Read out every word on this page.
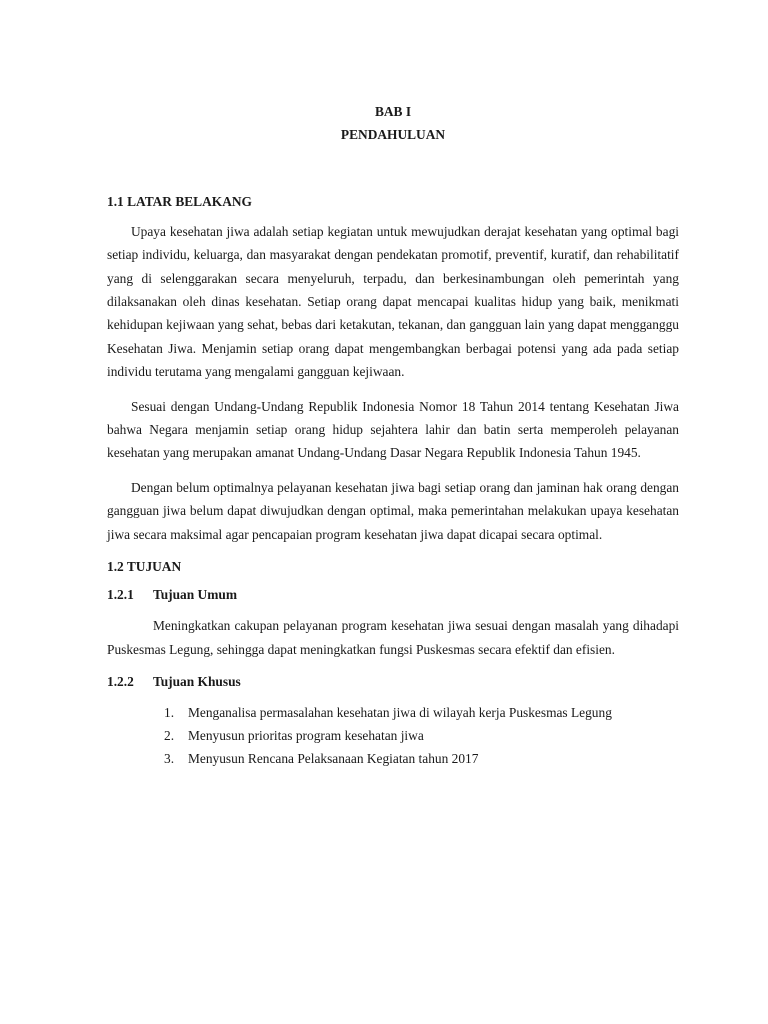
BAB I

PENDAHULUAN

1.1 LATAR BELAKANG

Upaya kesehatan jiwa adalah setiap kegiatan untuk mewujudkan derajat kesehatan yang optimal bagi setiap individu, keluarga, dan masyarakat dengan pendekatan promotif, preventif, kuratif, dan rehabilitatif yang di selenggarakan secara menyeluruh, terpadu, dan berkesinambungan oleh pemerintah yang dilaksanakan oleh dinas kesehatan. Setiap orang dapat mencapai kualitas hidup yang baik, menikmati kehidupan kejiwaan yang sehat, bebas dari ketakutan, tekanan, dan gangguan lain yang dapat mengganggu Kesehatan Jiwa. Menjamin setiap orang dapat mengembangkan berbagai potensi yang ada pada setiap individu terutama yang mengalami gangguan kejiwaan.

Sesuai dengan Undang-Undang Republik Indonesia Nomor 18 Tahun 2014 tentang Kesehatan Jiwa bahwa Negara menjamin setiap orang hidup sejahtera lahir dan batin serta memperoleh pelayanan kesehatan yang merupakan amanat Undang-Undang Dasar Negara Republik Indonesia Tahun 1945.

Dengan belum optimalnya pelayanan kesehatan jiwa bagi setiap orang dan jaminan hak orang dengan gangguan jiwa belum dapat diwujudkan dengan optimal, maka pemerintahan melakukan upaya kesehatan jiwa secara maksimal agar pencapaian program kesehatan jiwa dapat dicapai secara optimal.

1.2 TUJUAN
1.2.1 Tujuan Umum

Meningkatkan cakupan pelayanan program kesehatan jiwa sesuai dengan masalah yang dihadapi Puskesmas Legung, sehingga dapat meningkatkan fungsi Puskesmas secara efektif dan efisien.

1.2.2 Tujuan Khusus
1.	Menganalisa permasalahan kesehatan jiwa di wilayah kerja Puskesmas Legung
2.	Menyusun prioritas program kesehatan jiwa
3.	Menyusun Rencana Pelaksanaan Kegiatan tahun 2017
